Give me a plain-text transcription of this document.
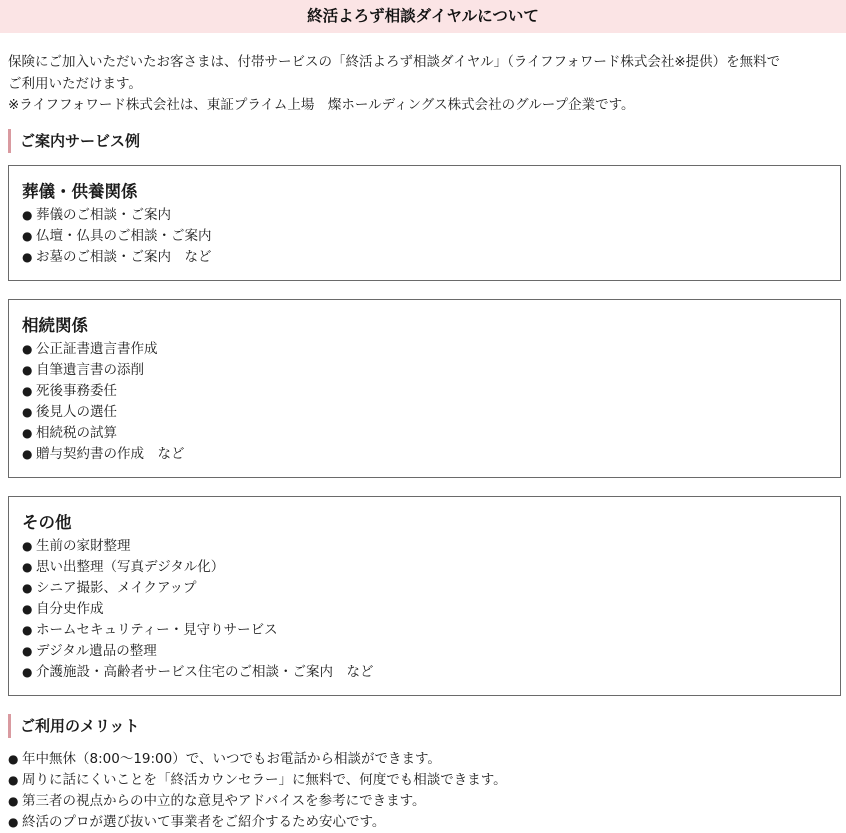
終活よろず相談ダイヤルについて

保険にご加入いただいたお客さまは、付帯サービスの「終活よろず相談ダイヤル」（ライフフォワード株式会社※提供）を無料で

ご利用いただけます。

※ライフフォワード株式会社は、東証プライム上場　燦ホールディングス株式会社のグループ企業です。

ご案内サービス例
葬儀・供養関係
● 葬儀のご相談・ご案内
● 仏壇・仏具のご相談・ご案内
● お墓のご相談・ご案内　など
相続関係
● 公正証書遺言書作成
● 自筆遺言書の添削
● 死後事務委任
● 後見人の選任
● 相続税の試算
● 贈与契約書の作成　など
その他
● 生前の家財整理
● 思い出整理（写真デジタル化）
● シニア撮影、メイクアップ
● 自分史作成
● ホームセキュリティー・見守りサービス
● デジタル遺品の整理
● 介護施設・高齢者サービス住宅のご相談・ご案内　など
ご利用のメリット
● 年中無休（8:00〜19:00）で、いつでもお電話から相談ができます。
● 周りに話にくいことを「終活カウンセラー」に無料で、何度でも相談できます。
● 第三者の視点からの中立的な意見やアドバイスを参考にできます。
● 終活のプロが選び抜いて事業者をご紹介するため安心です。
